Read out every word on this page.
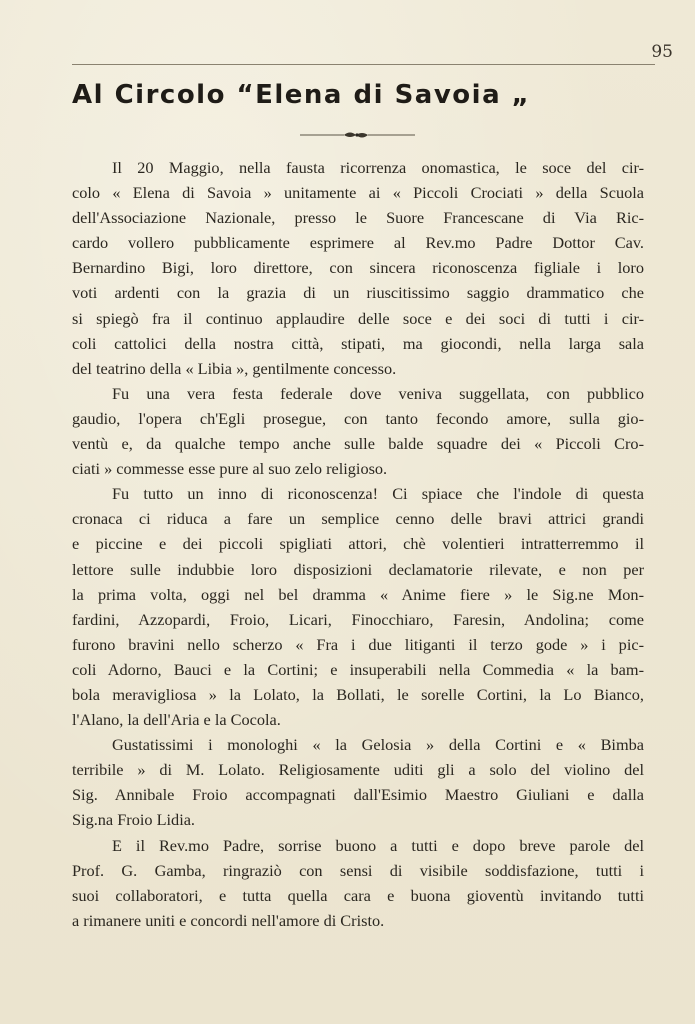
95
Al Circolo “Elena di Savoia „
Il 20 Maggio, nella fausta ricorrenza onomastica, le soce del cir-
colo « Elena di Savoia » unitamente ai « Piccoli Crociati » della Scuola
dell'Associazione Nazionale, presso le Suore Francescane di Via Ric-
cardo vollero pubblicamente esprimere al Rev.mo Padre Dottor Cav.
Bernardino Bigi, loro direttore, con sincera riconoscenza figliale i loro
voti ardenti con la grazia di un riuscitissimo saggio drammatico che
si spiegò fra il continuo applaudire delle soce e dei soci di tutti i cir-
coli cattolici della nostra città, stipati, ma giocondi, nella larga sala
del teatrino della « Libia », gentilmente concesso.
Fu una vera festa federale dove veniva suggellata, con pubblico
gaudio, l'opera ch'Egli prosegue, con tanto fecondo amore, sulla gio-
ventù e, da qualche tempo anche sulle balde squadre dei « Piccoli Cro-
ciati » commesse esse pure al suo zelo religioso.
Fu tutto un inno di riconoscenza! Ci spiace che l'indole di questa
cronaca ci riduca a fare un semplice cenno delle bravi attrici grandi
e piccine e dei piccoli spigliati attori, chè volentieri intratterremmo il
lettore sulle indubbie loro disposizioni declamatorie rilevate, e non per
la prima volta, oggi nel bel dramma « Anime fiere » le Sig.ne Mon-
fardini, Azzopardi, Froio, Licari, Finocchiaro, Faresin, Andolina; come
furono bravini nello scherzo « Fra i due litiganti il terzo gode » i pic-
coli Adorno, Bauci e la Cortini; e insuperabili nella Commedia « la bam-
bola meravigliosa » la Lolato, la Bollati, le sorelle Cortini, la Lo Bianco,
l'Alano, la dell'Aria e la Cocola.
Gustatissimi i monologhi « la Gelosia » della Cortini e « Bimba
terribile » di M. Lolato. Religiosamente uditi gli a solo del violino del
Sig. Annibale Froio accompagnati dall'Esimio Maestro Giuliani e dalla
Sig.na Froio Lidia.
E il Rev.mo Padre, sorrise buono a tutti e dopo breve parole del
Prof. G. Gamba, ringraziò con sensi di visibile soddisfazione, tutti i
suoi collaboratori, e tutta quella cara e buona gioventù invitando tutti
a rimanere uniti e concordi nell'amore di Cristo.
